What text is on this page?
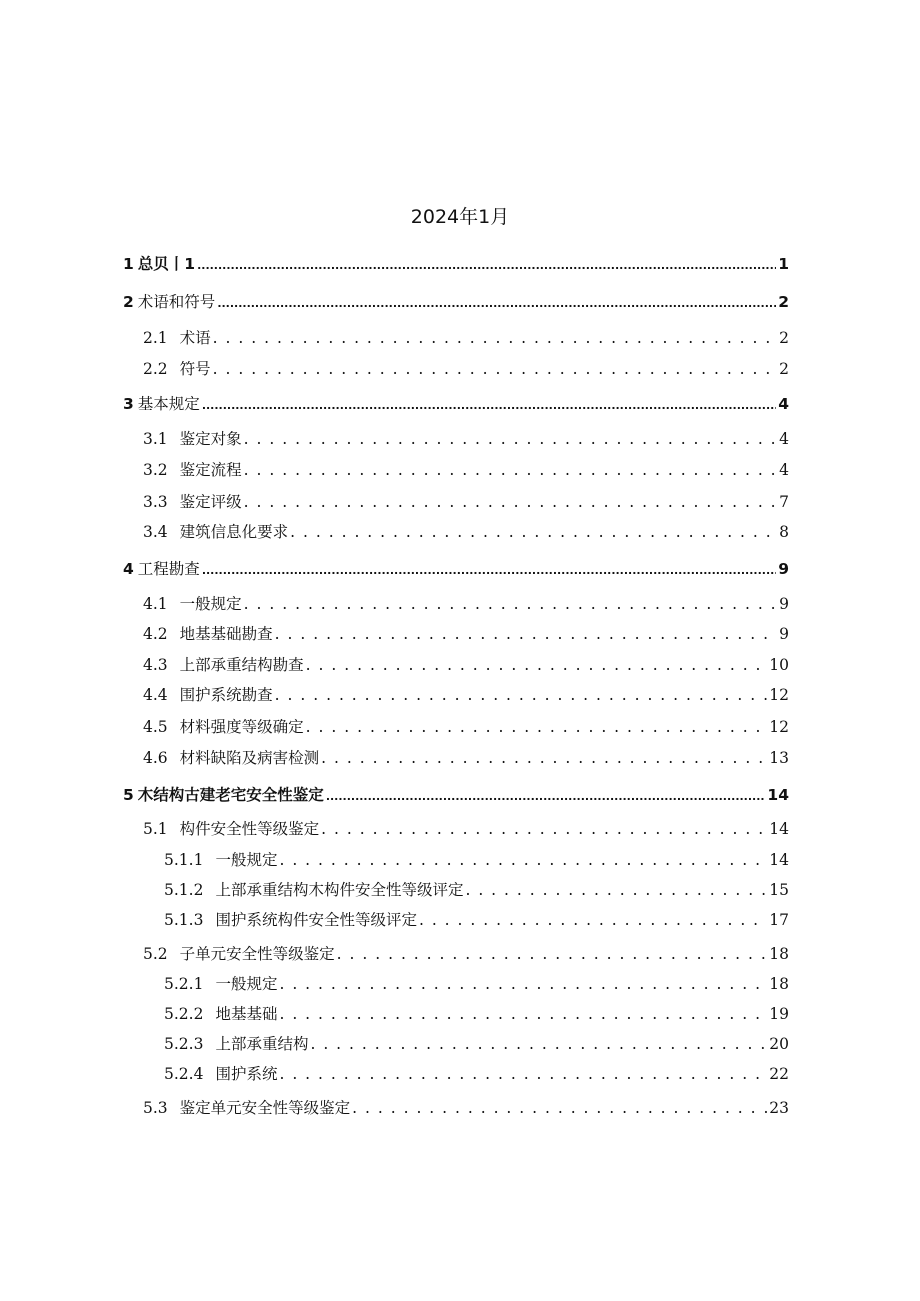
2024年1月
1 总贝丨1 .....	1
2 术语和符号 .....	2
2.1 术语 . . .	2
2.2 符号 . . .	2
3 基本规定 .....	4
3.1 鉴定对象 . . .	4
3.2 鉴定流程 . . .	4
3.3 鉴定评级 . . .	7
3.4 建筑信息化要求 . . .	8
4 工程勘查 .....	9
4.1 一般规定 . . .	9
4.2 地基基础勘查 . . .	9
4.3 上部承重结构勘查 . . .	10
4.4 围护系统勘查 . . .	12
4.5 材料强度等级确定 . . .	12
4.6 材料缺陷及病害检测 . . .	13
5 木结构古建老宅安全性鉴定 .....	14
5.1 构件安全性等级鉴定 . . .	14
5.1.1 一般规定 . . .	14
5.1.2 上部承重结构木构件安全性等级评定 . . .	15
5.1.3 围护系统构件安全性等级评定 . . .	17
5.2 子单元安全性等级鉴定 . . .	18
5.2.1 一般规定 . . .	18
5.2.2 地基基础 . . .	19
5.2.3 上部承重结构 . . .	20
5.2.4 围护系统 . . .	22
5.3 鉴定单元安全性等级鉴定 . . .	23
